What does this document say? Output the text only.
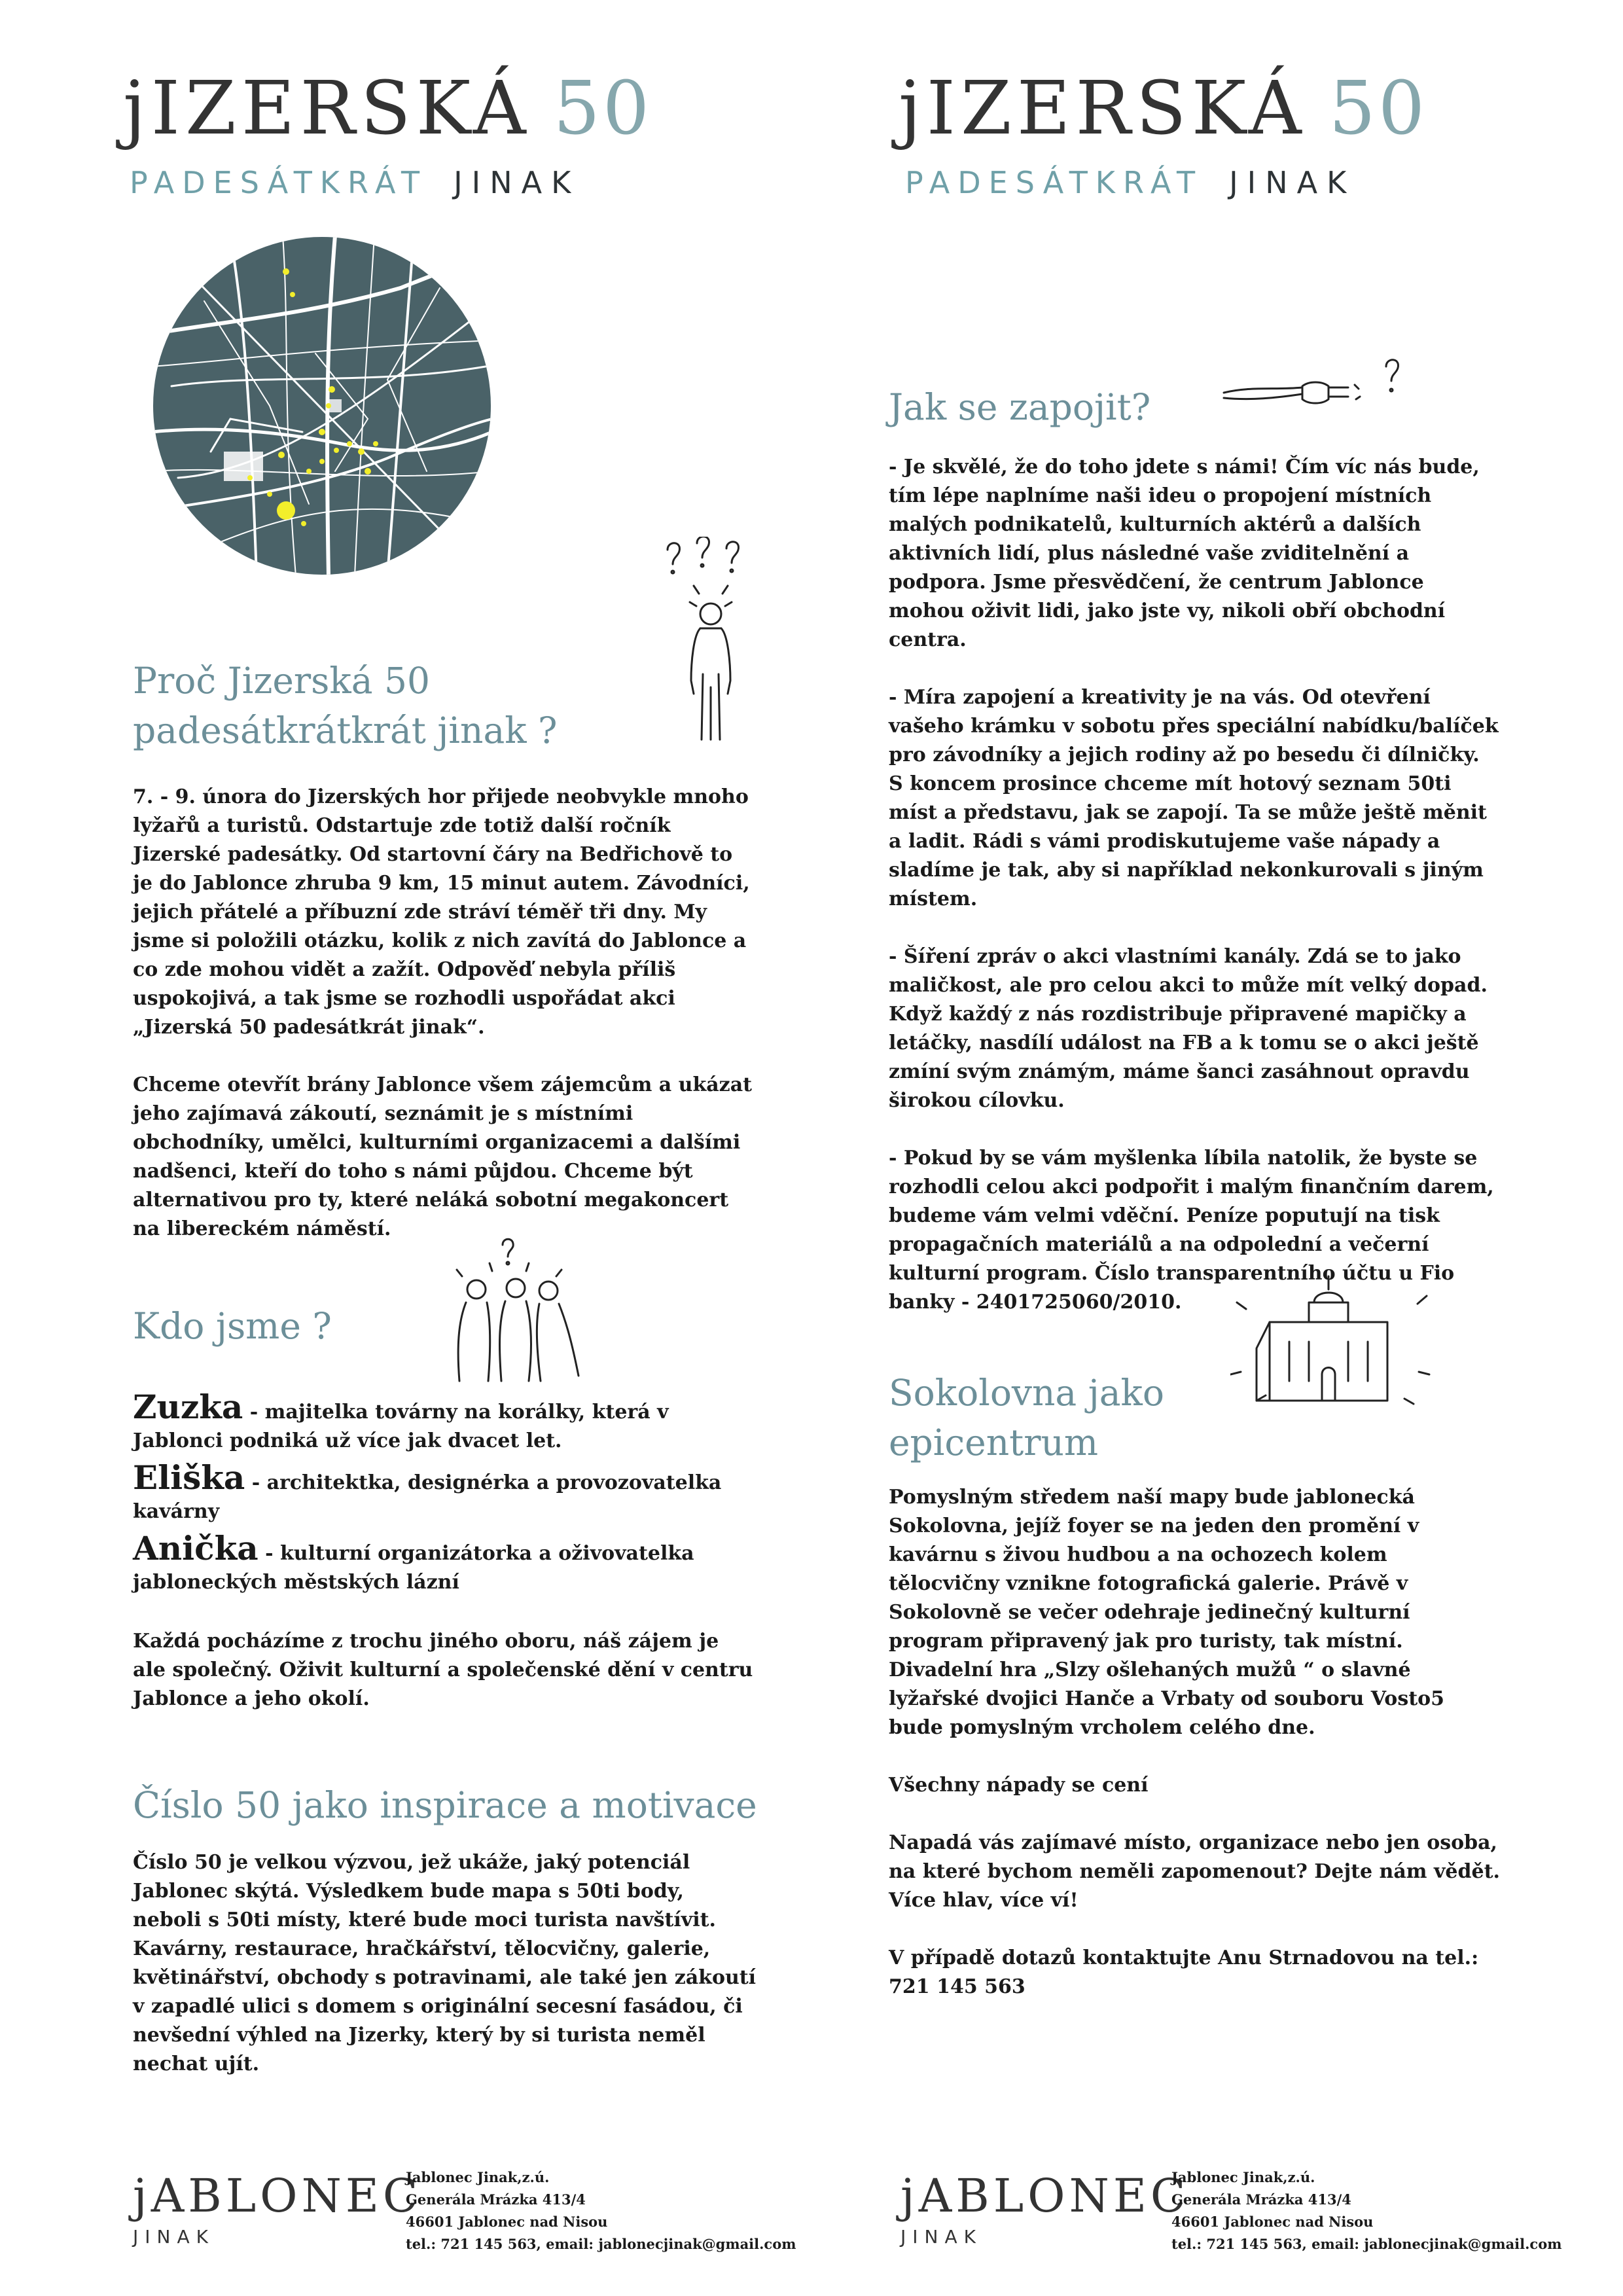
jIZERSKÁ 50
PADESÁTKRÁT JINAK
jIZERSKÁ 50
PADESÁTKRÁT JINAK
Proč Jizerská 50
padesátkrátkrát jinak ?

7. - 9. února do Jizerských hor přijede neobvykle mnoho lyžařů a turistů. Odstartuje zde totiž další ročník Jizerské padesátky. Od startovní čáry na Bedřichově to je do Jablonce zhruba 9 km, 15 minut autem. Závodníci, jejich přátelé a příbuzní zde stráví téměř tři dny. My jsme si položili otázku, kolik z nich zavítá do Jablonce a co zde mohou vidět a zažít. Odpověď nebyla příliš uspokojivá, a tak jsme se rozhodli uspořádat akci „Jizerská 50 padesátkrát jinak“.

Chceme otevřít brány Jablonce všem zájemcům a ukázat jeho zajímavá zákoutí, seznámit je s místními obchodníky, umělci, kulturními organizacemi a dalšími nadšenci, kteří do toho s námi půjdou. Chceme být alternativou pro ty, které neláká sobotní megakoncert na libereckém náměstí.

Kdo jsme ?

Zuzka - majitelka továrny na korálky, která v Jablonci podniká už více jak dvacet let.

Eliška - architektka, designérka a provozovatelka kavárny

Anička - kulturní organizátorka a oživovatelka jabloneckých městských lázní

Každá pocházíme z trochu jiného oboru, náš zájem je ale společný. Oživit kulturní a společenské dění v centru Jablonce a jeho okolí.

Číslo 50 jako inspirace a motivace

Číslo 50 je velkou výzvou, jež ukáže, jaký potenciál Jablonec skýtá. Výsledkem bude mapa s 50ti body, neboli s 50ti místy, které bude moci turista navštívit. Kavárny, restaurace, hračkářství, tělocvičny, galerie, květinářství, obchody s potravinami, ale také jen zákoutí v zapadlé ulici s domem s originální secesní fasádou, či nevšední výhled na Jizerky, který by si turista neměl nechat ujít.

Jak se zapojit?

- Je skvělé, že do toho jdete s námi! Čím víc nás bude, tím lépe naplníme naši ideu o propojení místních malých podnikatelů, kulturních aktérů a dalších aktivních lidí, plus následné vaše zviditelnění a podpora. Jsme přesvědčení, že centrum Jablonce mohou oživit lidi, jako jste vy, nikoli obří obchodní centra.

- Míra zapojení a kreativity je na vás. Od otevření vašeho krámku v sobotu přes speciální nabídku/balíček pro závodníky a jejich rodiny až po besedu či dílničky.
S koncem prosince chceme mít hotový seznam 50ti míst a představu, jak se zapojí. Ta se může ještě měnit a ladit. Rádi s vámi prodiskutujeme vaše nápady a sladíme je tak, aby si například nekonkurovali s jiným místem.

- Šíření zpráv o akci vlastními kanály. Zdá se to jako maličkost, ale pro celou akci to může mít velký dopad. Když každý z nás rozdistribuje připravené mapičky a letáčky, nasdílí událost na FB a k tomu se o akci ještě zmíní svým známým, máme šanci zasáhnout opravdu širokou cílovku.

- Pokud by se vám myšlenka líbila natolik, že byste se rozhodli celou akci podpořit i malým finančním darem, budeme vám velmi vděční. Peníze poputují na tisk propagačních materiálů a na odpolední a večerní kulturní program. Číslo transparentního účtu u Fio banky - 2401725060/2010.

Sokolovna jako
epicentrum

Pomyslným středem naší mapy bude jablonecká Sokolovna, jejíž foyer se na jeden den promění v kavárnu s živou hudbou a na ochozech kolem tělocvičny vznikne fotografická galerie. Právě v Sokolovně se večer odehraje jedinečný kulturní program připravený jak pro turisty, tak místní. Divadelní hra „Slzy ošlehaných mužů “ o slavné lyžařské dvojici Hanče a Vrbaty od souboru Vosto5 bude pomyslným vrcholem celého dne.

Všechny nápady se cení

Napadá vás zajímavé místo, organizace nebo jen osoba, na které bychom neměli zapomenout? Dejte nám vědět. Více hlav, více ví!

V případě dotazů kontaktujte Anu Strnadovou na tel.: 721 145 563

jABLONEC
JINAK
Jablonec Jinak,z.ú.
Generála Mrázka 413/4
46601 Jablonec nad Nisou
tel.: 721 145 563, email: jablonecjinak@gmail.com
jABLONEC
JINAK
Jablonec Jinak,z.ú.
Generála Mrázka 413/4
46601 Jablonec nad Nisou
tel.: 721 145 563, email: jablonecjinak@gmail.com
